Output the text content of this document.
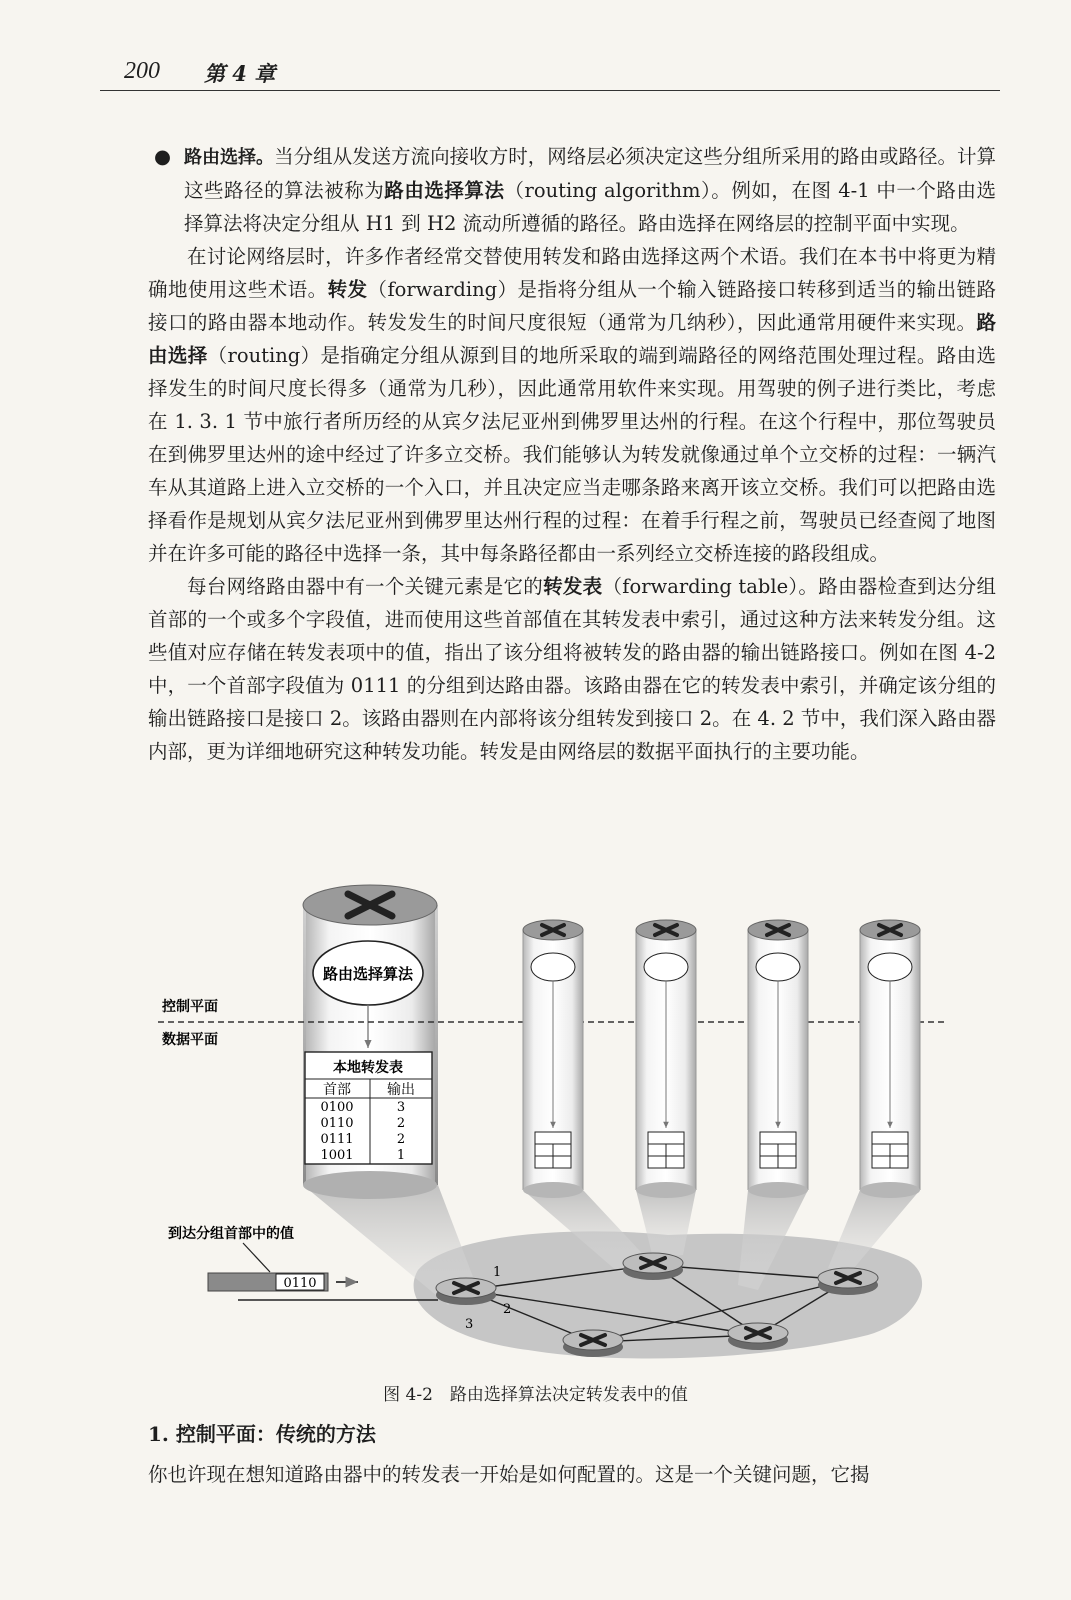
200 第 4 章
● 路由选择。当分组从发送方流向接收方时，网络层必须决定这些分组所采用的路由或路径。计算这些路径的算法被称为路由选择算法（routing algorithm）。例如，在图 4-1 中一个路由选择算法将决定分组从 H1 到 H2 流动所遵循的路径。路由选择在网络层的控制平面中实现。

在讨论网络层时，许多作者经常交替使用转发和路由选择这两个术语。我们在本书中将更为精确地使用这些术语。转发（forwarding）是指将分组从一个输入链路接口转移到适当的输出链路接口的路由器本地动作。转发发生的时间尺度很短（通常为几纳秒），因此通常用硬件来实现。路由选择（routing）是指确定分组从源到目的地所采取的端到端路径的网络范围处理过程。路由选择发生的时间尺度长得多（通常为几秒），因此通常用软件来实现。用驾驶的例子进行类比，考虑在 1. 3. 1 节中旅行者所历经的从宾夕法尼亚州到佛罗里达州的行程。在这个行程中，那位驾驶员在到佛罗里达州的途中经过了许多立交桥。我们能够认为转发就像通过单个立交桥的过程：一辆汽车从其道路上进入立交桥的一个入口，并且决定应当走哪条路来离开该立交桥。我们可以把路由选择看作是规划从宾夕法尼亚州到佛罗里达州行程的过程：在着手行程之前，驾驶员已经查阅了地图并在许多可能的路径中选择一条，其中每条路径都由一系列经立交桥连接的路段组成。

每台网络路由器中有一个关键元素是它的转发表（forwarding table）。路由器检查到达分组首部的一个或多个字段值，进而使用这些首部值在其转发表中索引，通过这种方法来转发分组。这些值对应存储在转发表项中的值，指出了该分组将被转发的路由器的输出链路接口。例如在图 4-2 中，一个首部字段值为 0111 的分组到达路由器。该路由器在它的转发表中索引，并确定该分组的输出链路接口是接口 2。该路由器则在内部将该分组转发到接口 2。在 4. 2 节中，我们深入路由器内部，更为详细地研究这种转发功能。转发是由网络层的数据平面执行的主要功能。

路由选择算法
控制平面
数据平面
本地转发表
首部	输出
0100	3
0110	2
0111	2
1001	1
1
2
3
到达分组首部中的值
0110
图 4-2　路由选择算法决定转发表中的值
1. 控制平面：传统的方法
你也许现在想知道路由器中的转发表一开始是如何配置的。这是一个关键问题，它揭
